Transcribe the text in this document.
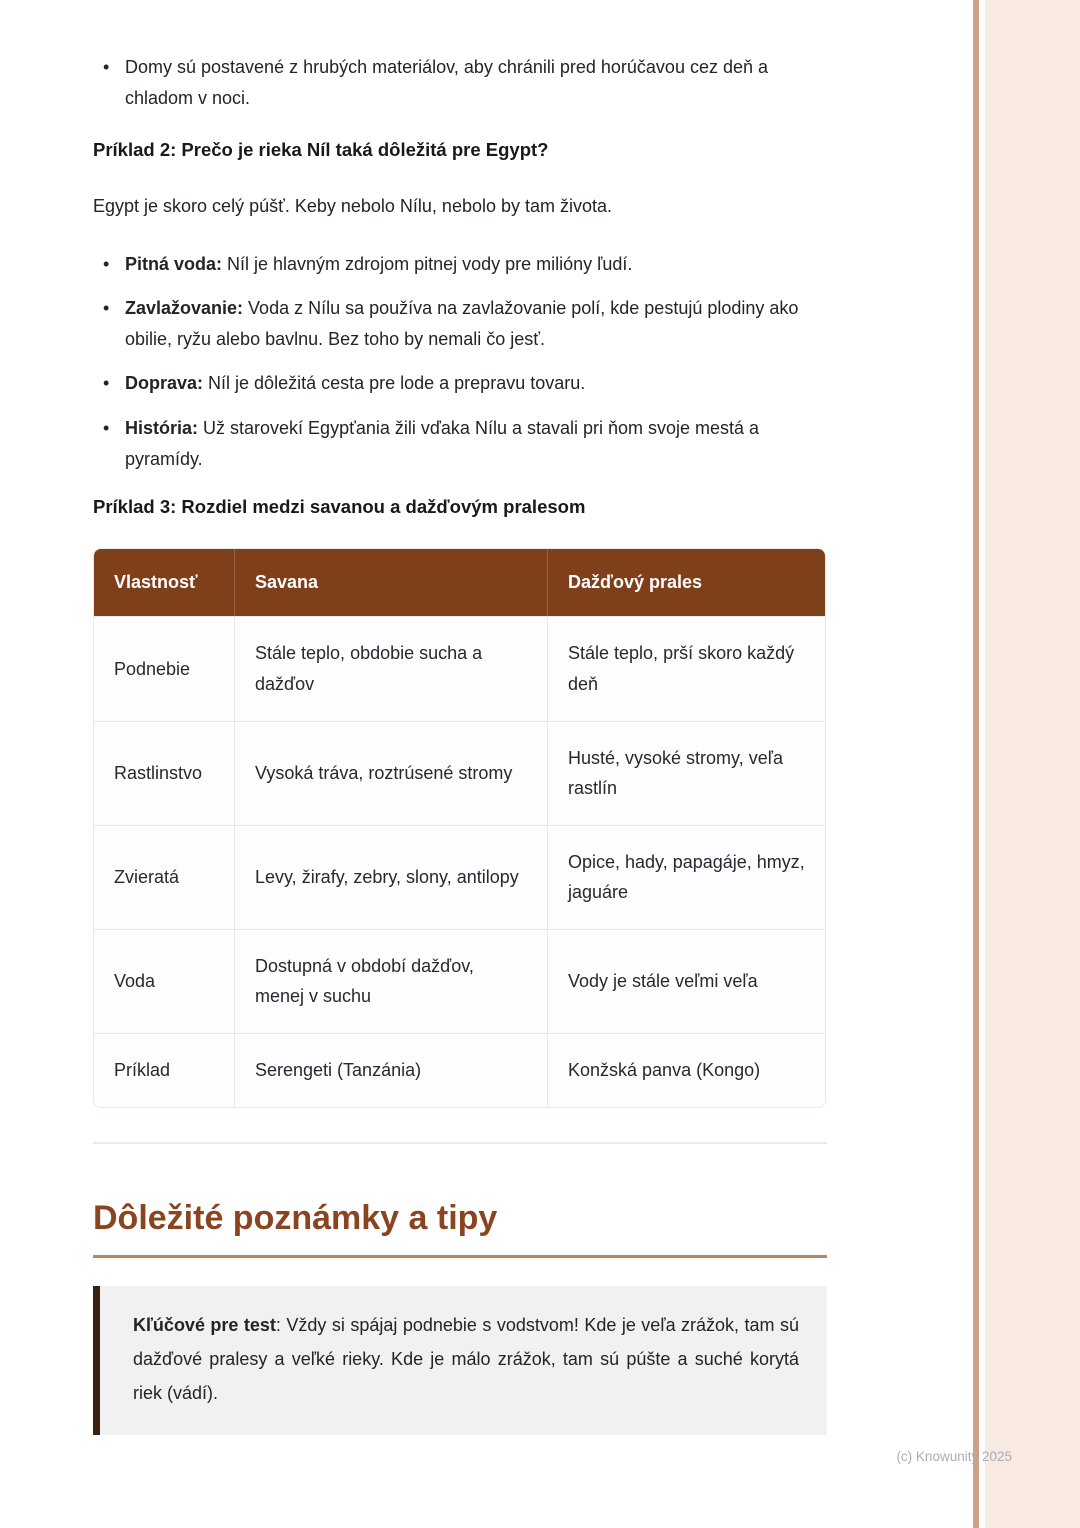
• Domy sú postavené z hrubých materiálov, aby chránili pred horúčavou cez deň a chladom v noci.
Príklad 2: Prečo je rieka Níl taká dôležitá pre Egypt?

Egypt je skoro celý púšť. Keby nebolo Nílu, nebolo by tam života.

• Pitná voda: Níl je hlavným zdrojom pitnej vody pre milióny ľudí.
• Zavlažovanie: Voda z Nílu sa používa na zavlažovanie polí, kde pestujú plodiny ako obilie, ryžu alebo bavlnu. Bez toho by nemali čo jesť.
• Doprava: Níl je dôležitá cesta pre lode a prepravu tovaru.
• História: Už starovekí Egypťania žili vďaka Nílu a stavali pri ňom svoje mestá a pyramídy.
Príklad 3: Rozdiel medzi savanou a dažďovým pralesom
Vlastnosť	Savana	Dažďový prales
Podnebie	Stále teplo, obdobie sucha a dažďov	Stále teplo, prší skoro každý deň
Rastlinstvo	Vysoká tráva, roztrúsené stromy	Husté, vysoké stromy, veľa rastlín
Zvieratá	Levy, žirafy, zebry, slony, antilopy	Opice, hady, papagáje, hmyz, jaguáre
Voda	Dostupná v období dažďov, menej v suchu	Vody je stále veľmi veľa
Príklad	Serengeti (Tanzánia)	Konžská panva (Kongo)
Dôležité poznámky a tipy

Kľúčové pre test: Vždy si spájaj podnebie s vodstvom! Kde je veľa zrážok, tam sú dažďové pralesy a veľké rieky. Kde je málo zrážok, tam sú púšte a suché korytá riek (vádí).

(c) Knowunity 2025
